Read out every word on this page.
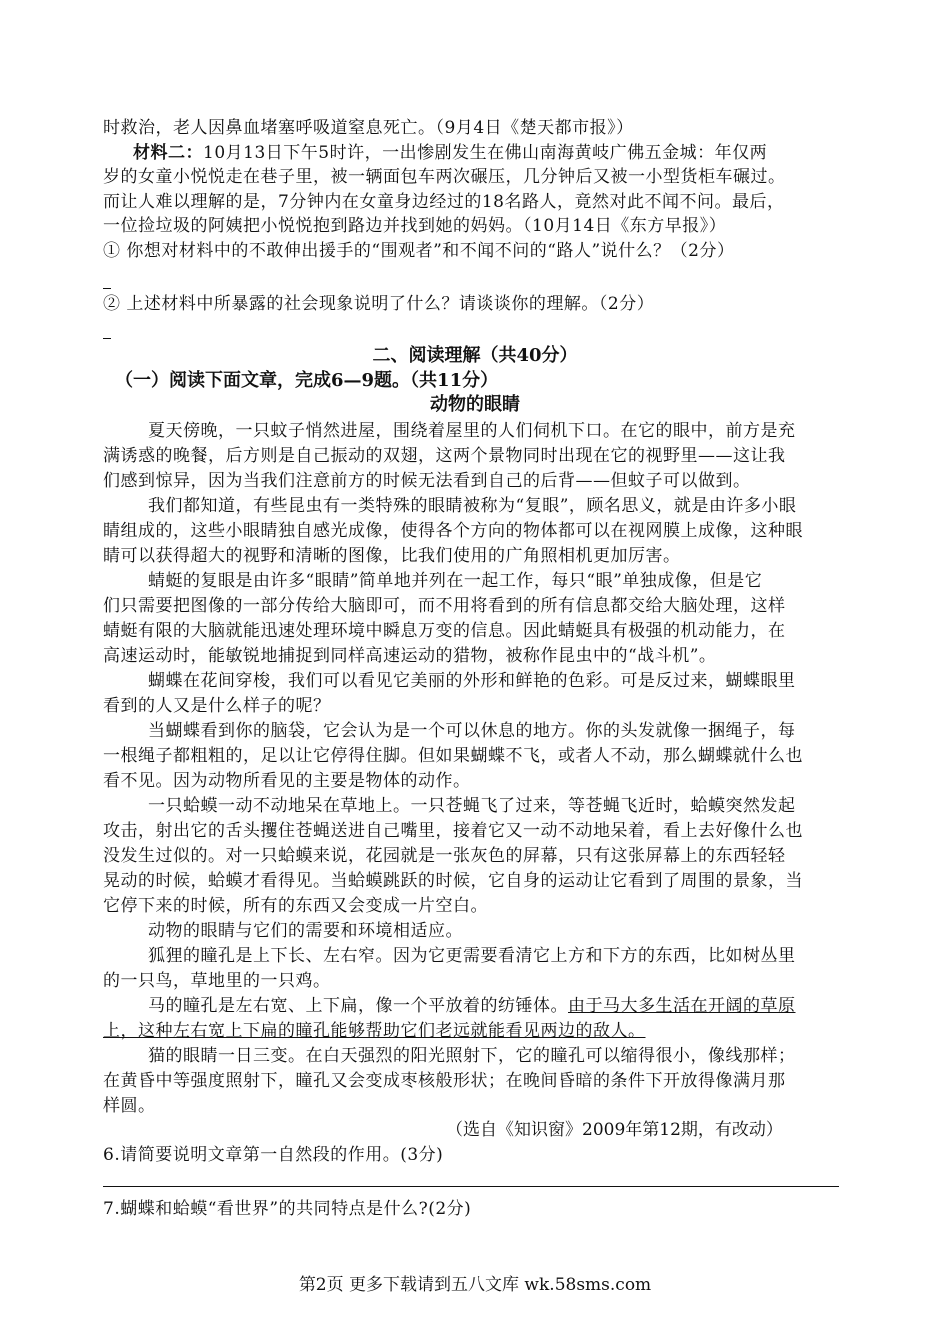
时救治，老人因鼻血堵塞呼吸道窒息死亡。（9月4日《楚天都市报》）
材料二：10月13日下午5时许，一出惨剧发生在佛山南海黄岐广佛五金城：年仅两
岁的女童小悦悦走在巷子里，被一辆面包车两次碾压，几分钟后又被一小型货柜车碾过。
而让人难以理解的是，7分钟内在女童身边经过的18名路人，竟然对此不闻不问。最后，
一位捡垃圾的阿姨把小悦悦抱到路边并找到她的妈妈。（10月14日《东方早报》）
① 你想对材料中的不敢伸出援手的“围观者”和不闻不问的“路人”说什么？（2分）
② 上述材料中所暴露的社会现象说明了什么？请谈谈你的理解。（2分）
二、阅读理解（共40分）
（一）阅读下面文章，完成6—9题。（共11分）
动物的眼睛
夏天傍晚，一只蚊子悄然进屋，围绕着屋里的人们伺机下口。在它的眼中，前方是充
满诱惑的晚餐，后方则是自己振动的双翅，这两个景物同时出现在它的视野里——这让我
们感到惊异，因为当我们注意前方的时候无法看到自己的后背——但蚊子可以做到。
我们都知道，有些昆虫有一类特殊的眼睛被称为“复眼”，顾名思义，就是由许多小眼
睛组成的，这些小眼睛独自感光成像，使得各个方向的物体都可以在视网膜上成像，这种眼
睛可以获得超大的视野和清晰的图像，比我们使用的广角照相机更加厉害。
蜻蜓的复眼是由许多“眼睛”简单地并列在一起工作，每只“眼”单独成像，但是它
们只需要把图像的一部分传给大脑即可，而不用将看到的所有信息都交给大脑处理，这样
蜻蜓有限的大脑就能迅速处理环境中瞬息万变的信息。因此蜻蜓具有极强的机动能力，在
高速运动时，能敏锐地捕捉到同样高速运动的猎物，被称作昆虫中的“战斗机”。
蝴蝶在花间穿梭，我们可以看见它美丽的外形和鲜艳的色彩。可是反过来，蝴蝶眼里
看到的人又是什么样子的呢？
当蝴蝶看到你的脑袋，它会认为是一个可以休息的地方。你的头发就像一捆绳子，每
一根绳子都粗粗的，足以让它停得住脚。但如果蝴蝶不飞，或者人不动，那么蝴蝶就什么也
看不见。因为动物所看见的主要是物体的动作。
一只蛤蟆一动不动地呆在草地上。一只苍蝇飞了过来，等苍蝇飞近时，蛤蟆突然发起
攻击，射出它的舌头攫住苍蝇送进自己嘴里，接着它又一动不动地呆着，看上去好像什么也
没发生过似的。对一只蛤蟆来说，花园就是一张灰色的屏幕，只有这张屏幕上的东西轻轻
晃动的时候，蛤蟆才看得见。当蛤蟆跳跃的时候，它自身的运动让它看到了周围的景象，当
它停下来的时候，所有的东西又会变成一片空白。
动物的眼睛与它们的需要和环境相适应。
狐狸的瞳孔是上下长、左右窄。因为它更需要看清它上方和下方的东西，比如树丛里
的一只鸟，草地里的一只鸡。
马的瞳孔是左右宽、上下扁，像一个平放着的纺锤体。由于马大多生活在开阔的草原
上，这种左右宽上下扁的瞳孔能够帮助它们老远就能看见两边的敌人。
猫的眼睛一日三变。在白天强烈的阳光照射下，它的瞳孔可以缩得很小，像线那样；
在黄昏中等强度照射下，瞳孔又会变成枣核般形状；在晚间昏暗的条件下开放得像满月那
样圆。
（选自《知识窗》2009年第12期，有改动）
6.请简要说明文章第一自然段的作用。(3分)
7.蝴蝶和蛤蟆“看世界”的共同特点是什么?(2分)
第2页 更多下载请到五八文库 wk.58sms.com
